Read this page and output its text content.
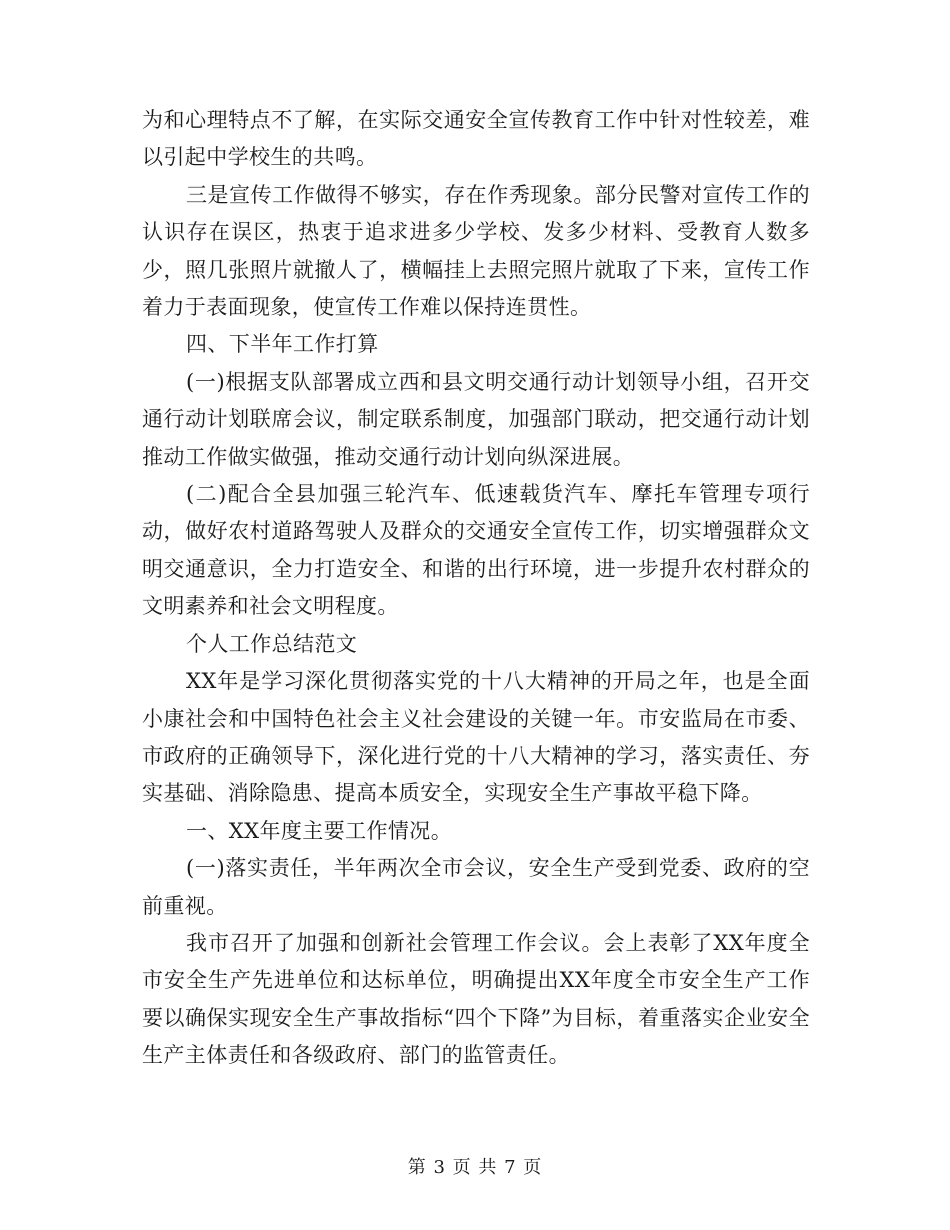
为和心理特点不了解，在实际交通安全宣传教育工作中针对性较差，难以引起中学校生的共鸣。

三是宣传工作做得不够实，存在作秀现象。部分民警对宣传工作的认识存在误区，热衷于追求进多少学校、发多少材料、受教育人数多少，照几张照片就撤人了，横幅挂上去照完照片就取了下来，宣传工作着力于表面现象，使宣传工作难以保持连贯性。

四、下半年工作打算

(一)根据支队部署成立西和县文明交通行动计划领导小组，召开交通行动计划联席会议，制定联系制度，加强部门联动，把交通行动计划推动工作做实做强，推动交通行动计划向纵深进展。

(二)配合全县加强三轮汽车、低速载货汽车、摩托车管理专项行动，做好农村道路驾驶人及群众的交通安全宣传工作，切实增强群众文明交通意识，全力打造安全、和谐的出行环境，进一步提升农村群众的文明素养和社会文明程度。

个人工作总结范文

XX年是学习深化贯彻落实党的十八大精神的开局之年，也是全面小康社会和中国特色社会主义社会建设的关键一年。市安监局在市委、市政府的正确领导下，深化进行党的十八大精神的学习，落实责任、夯实基础、消除隐患、提高本质安全，实现安全生产事故平稳下降。

一、XX年度主要工作情况。

(一)落实责任，半年两次全市会议，安全生产受到党委、政府的空前重视。

我市召开了加强和创新社会管理工作会议。会上表彰了XX年度全市安全生产先进单位和达标单位，明确提出XX年度全市安全生产工作要以确保实现安全生产事故指标“四个下降”为目标，着重落实企业安全生产主体责任和各级政府、部门的监管责任。

第 3 页 共 7 页
